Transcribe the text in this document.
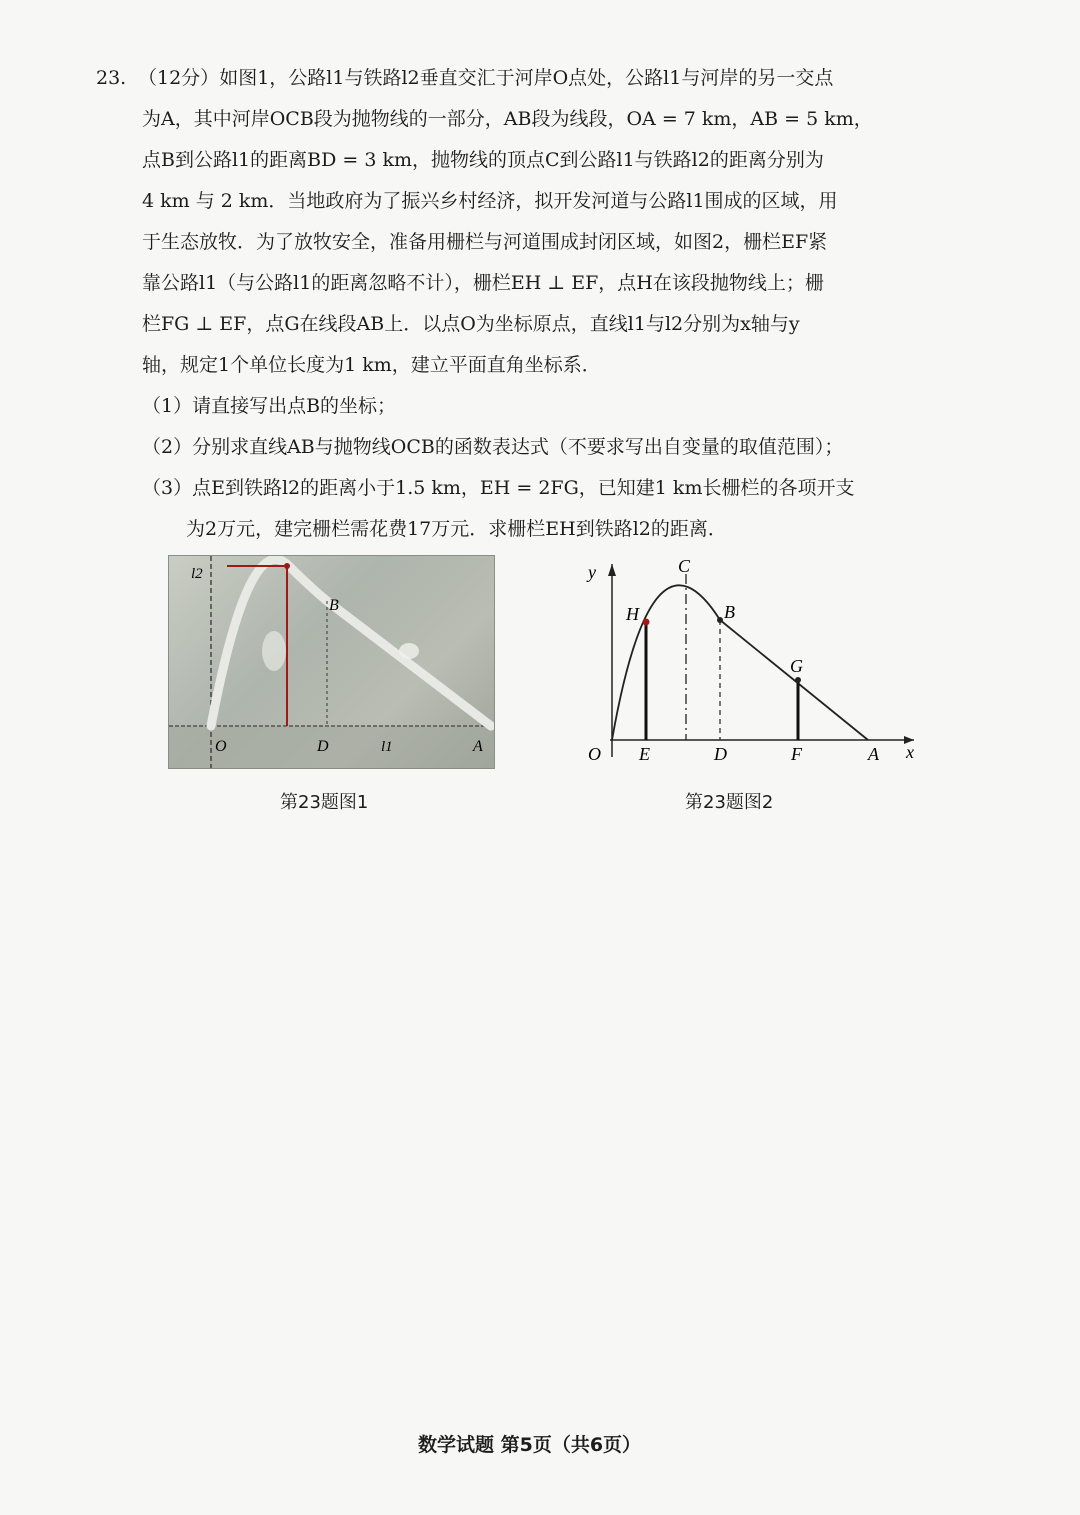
23. （12分）如图1，公路l1与铁路l2垂直交汇于河岸O点处，公路l1与河岸的另一交点
为A，其中河岸OCB段为抛物线的一部分，AB段为线段，OA = 7 km，AB = 5 km，
点B到公路l1的距离BD = 3 km，抛物线的顶点C到公路l1与铁路l2的距离分别为
4 km 与 2 km．当地政府为了振兴乡村经济，拟开发河道与公路l1围成的区域，用
于生态放牧．为了放牧安全，准备用栅栏与河道围成封闭区域，如图2，栅栏EF紧
靠公路l1（与公路l1的距离忽略不计），栅栏EH ⊥ EF，点H在该段抛物线上；栅
栏FG ⊥ EF，点G在线段AB上．以点O为坐标原点，直线l1与l2分别为x轴与y
轴，规定1个单位长度为1 km，建立平面直角坐标系．
（1）请直接写出点B的坐标；
（2）分别求直线AB与抛物线OCB的函数表达式（不要求写出自变量的取值范围）；
（3）点E到铁路l2的距离小于1.5 km，EH = 2FG，已知建1 km长栅栏的各项开支
为2万元，建完栅栏需花费17万元．求栅栏EH到铁路l2的距离．
l2
B
O	D	l1	A
y
x
O
C
H	B
G
E	D	F	A
第23题图1	第23题图2
数学试题 第5页（共6页）
